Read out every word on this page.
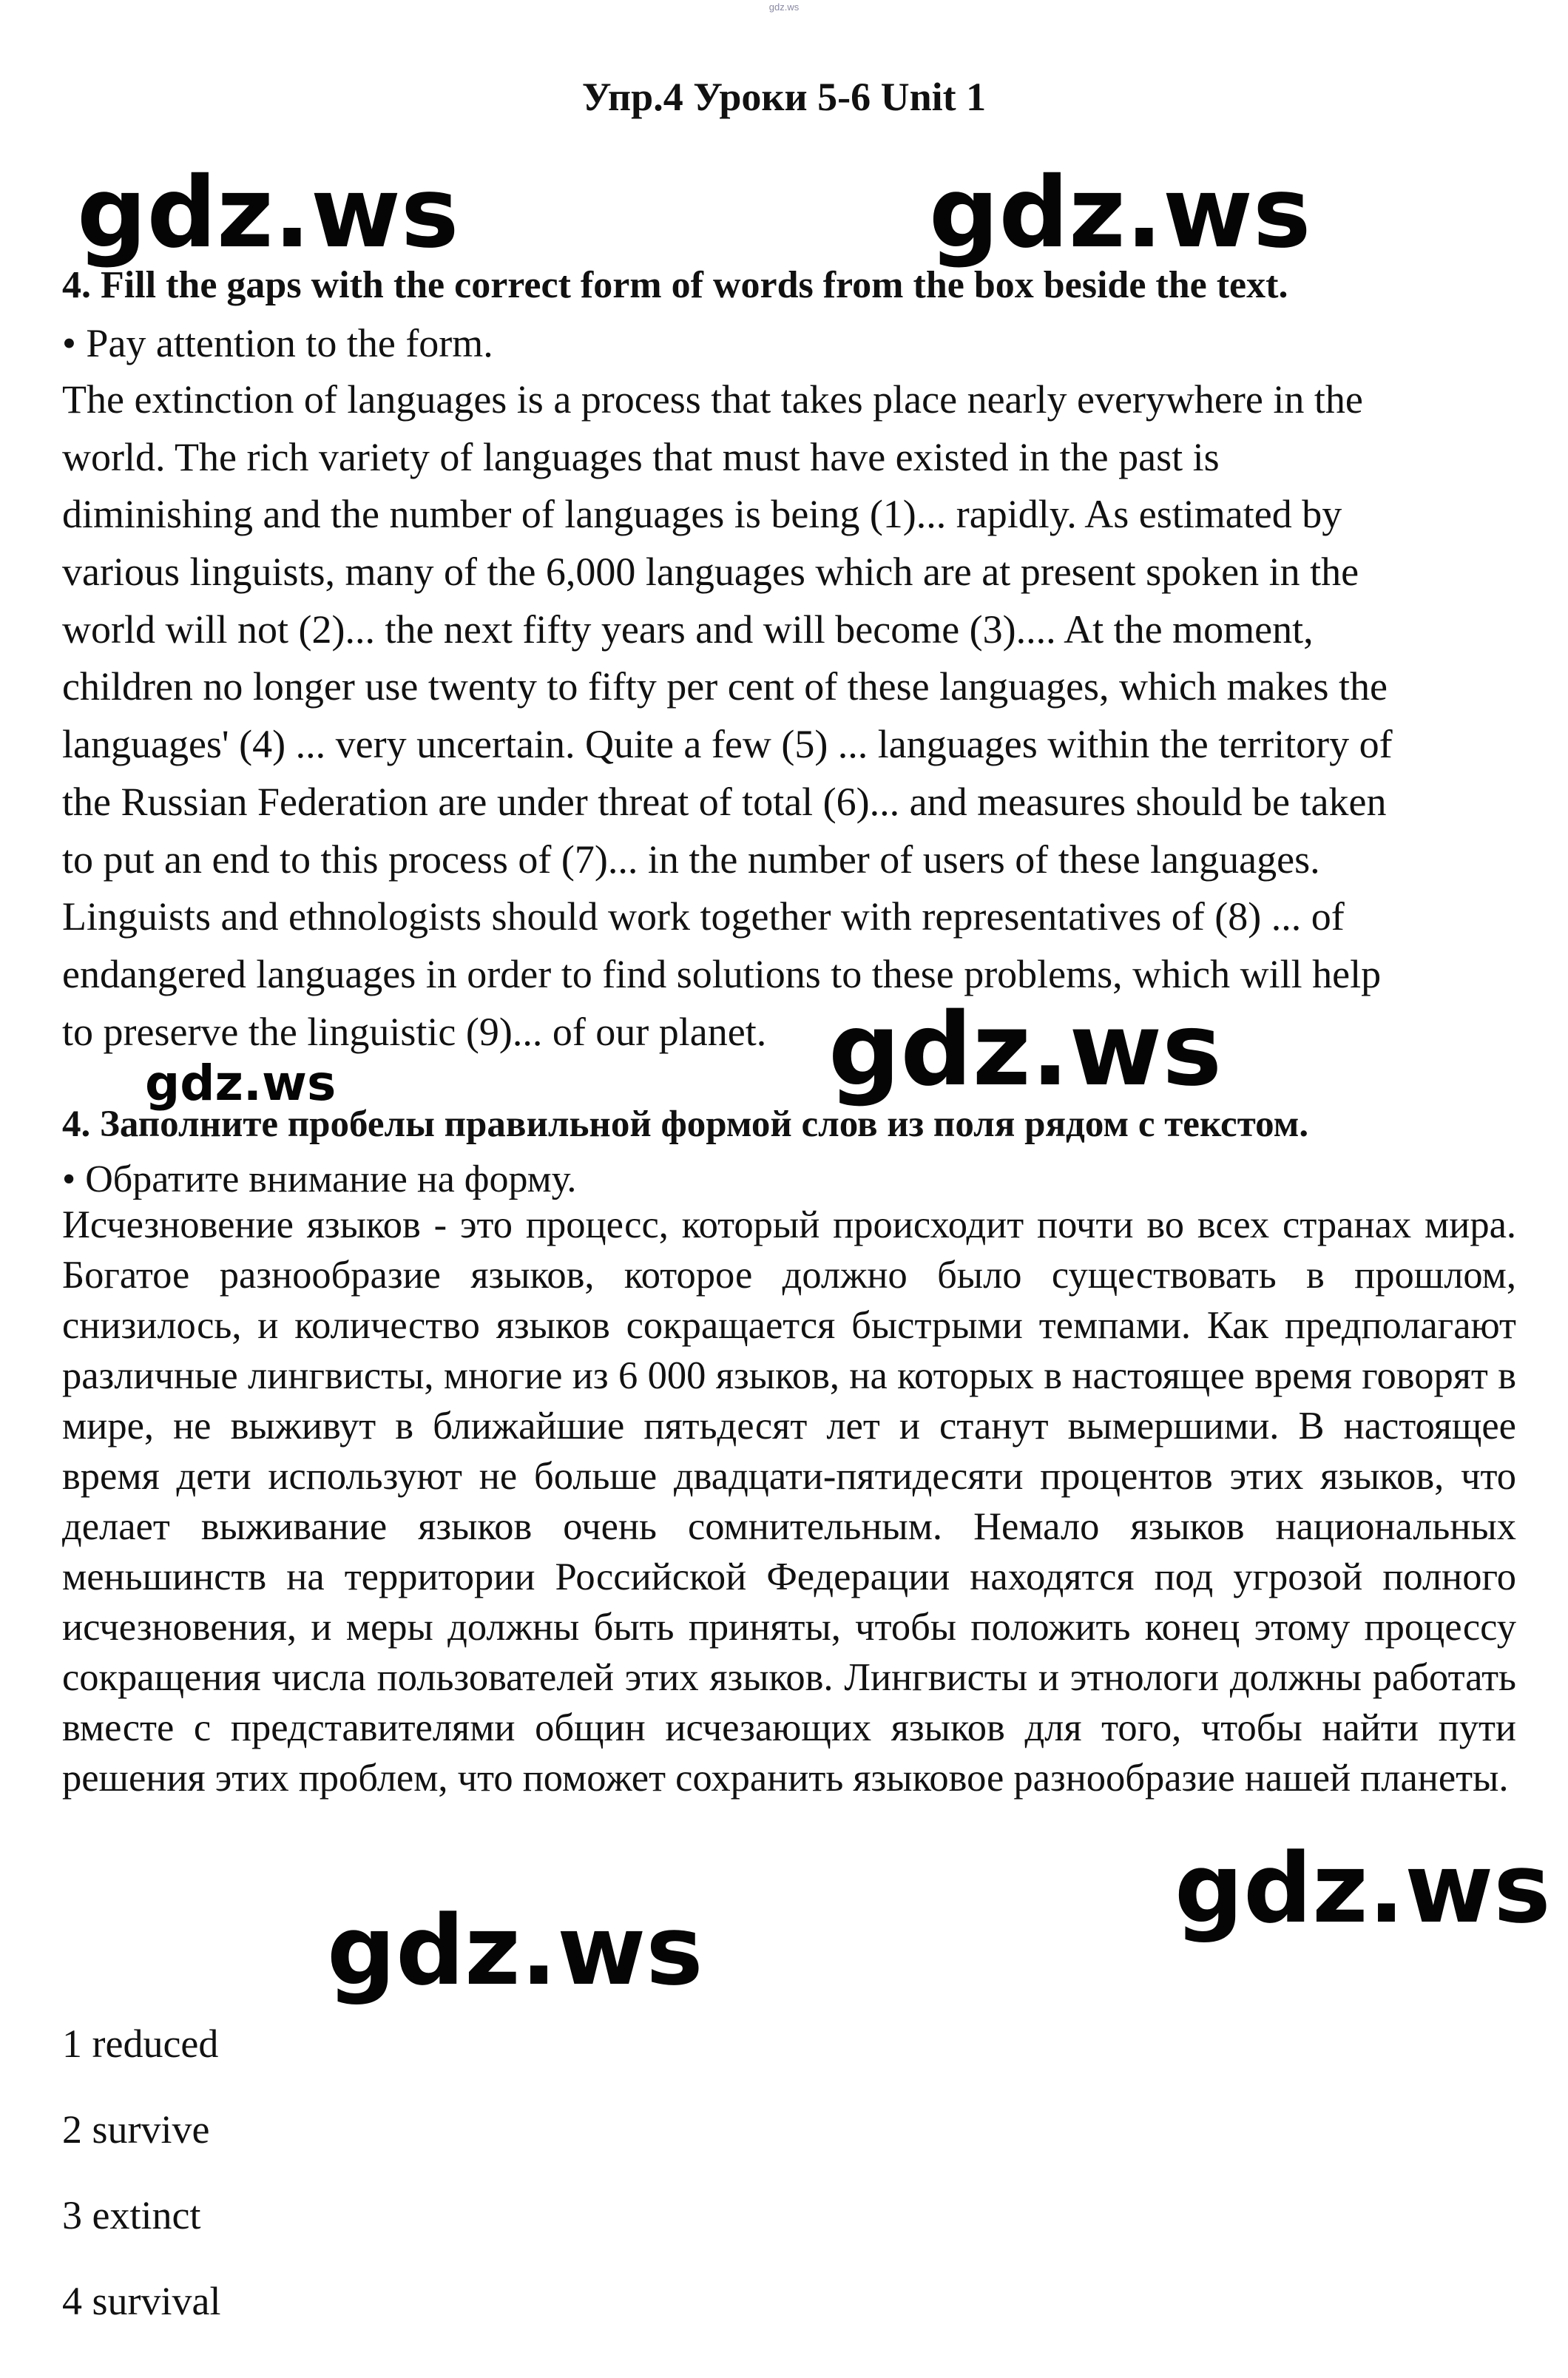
gdz.ws
Упр.4 Уроки 5-6 Unit 1
gdz.ws	gdz.ws
4. Fill the gaps with the correct form of words from the box beside the text.
• Pay attention to the form.
The extinction of languages is a process that takes place nearly everywhere in the
world. The rich variety of languages that must have existed in the past is
diminishing and the number of languages is being (1)... rapidly. As estimated by
various linguists, many of the 6,000 languages which are at present spoken in the
world will not (2)... the next fifty years and will become (3).... At the moment,
children no longer use twenty to fifty per cent of these languages, which makes the
languages' (4) ... very uncertain. Quite a few (5) ... languages within the territory of
the Russian Federation are under threat of total (6)... and measures should be taken
to put an end to this process of (7)... in the number of users of these languages.
Linguists and ethnologists should work together with representatives of (8) ... of
endangered languages in order to find solutions to these problems, which will help
to preserve the linguistic (9)... of our planet. gdz.ws
gdz.ws
4. Заполните пробелы правильной формой слов из поля рядом с текстом.
• Обратите внимание на форму.
Исчезновение языков - это процесс, который происходит почти во всех странах мира. Богатое разнообразие языков, которое должно было существовать в прошлом, снизилось, и количество языков сокращается быстрыми темпами. Как предполагают различные лингвисты, многие из 6 000 языков, на которых в настоящее время говорят в мире, не выживут в ближайшие пятьдесят лет и станут вымершими. В настоящее время дети используют не больше двадцати-пятидесяти процентов этих языков, что делает выживание языков очень сомнительным. Немало языков национальных меньшинств на территории Российской Федерации находятся под угрозой полного исчезновения, и меры должны быть приняты, чтобы положить конец этому процессу сокращения числа пользователей этих языков. Лингвисты и этнологи должны работать вместе с представителями общин исчезающих языков для того, чтобы найти пути решения этих проблем, что поможет сохранить языковое разнообразие нашей планеты.
gdz.ws
gdz.ws
1 reduced
2 survive
3 extinct
4 survival
